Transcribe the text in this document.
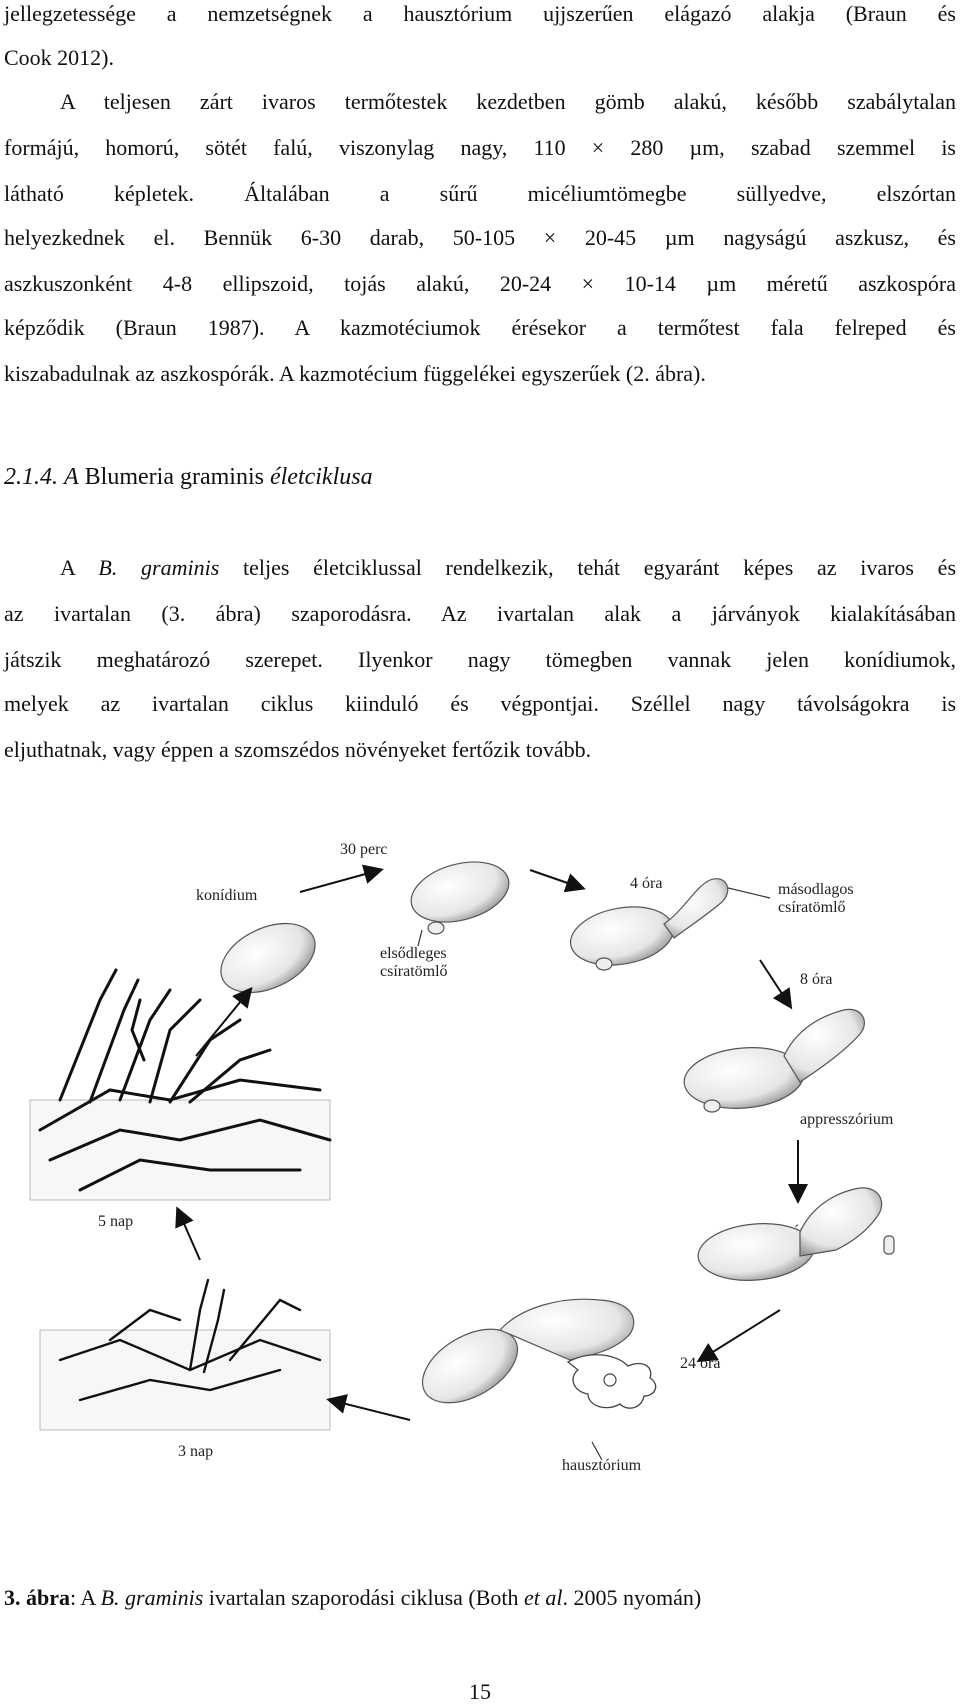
jellegzetessége a nemzetségnek a hausztórium ujjszerűen elágazó alakja (Braun és
Cook 2012).
A teljesen zárt ivaros termőtestek kezdetben gömb alakú, később szabálytalan
formájú, homorú, sötét falú, viszonylag nagy, 110 × 280 µm, szabad szemmel is
látható képletek. Általában a sűrű micéliumtömegbe süllyedve, elszórtan
helyezkednek el. Bennük 6-30 darab, 50-105 × 20-45 µm nagyságú aszkusz, és
aszkuszonként 4-8 ellipszoid, tojás alakú, 20-24 × 10-14 µm méretű aszkospóra
képződik (Braun 1987). A kazmotéciumok érésekor a termőtest fala felreped és
kiszabadulnak az aszkospórák. A kazmotécium függelékei egyszerűek (2. ábra).
2.1.4. A Blumeria graminis életciklusa
A B. graminis teljes életciklussal rendelkezik, tehát egyaránt képes az ivaros és
az ivartalan (3. ábra) szaporodásra. Az ivartalan alak a járványok kialakításában
játszik meghatározó szerepet. Ilyenkor nagy tömegben vannak jelen konídiumok,
melyek az ivartalan ciklus kiinduló és végpontjai. Széllel nagy távolságokra is
eljuthatnak, vagy éppen a szomszédos növényeket fertőzik tovább.
konídium
30 perc
elsődleges
csíratömlő
4 óra	másodlagos
csíratömlő
8 óra
appresszórium
24 óra
hausztórium
5 nap
3 nap
3. ábra: A B. graminis ivartalan szaporodási ciklusa (Both et al. 2005 nyomán)
15
